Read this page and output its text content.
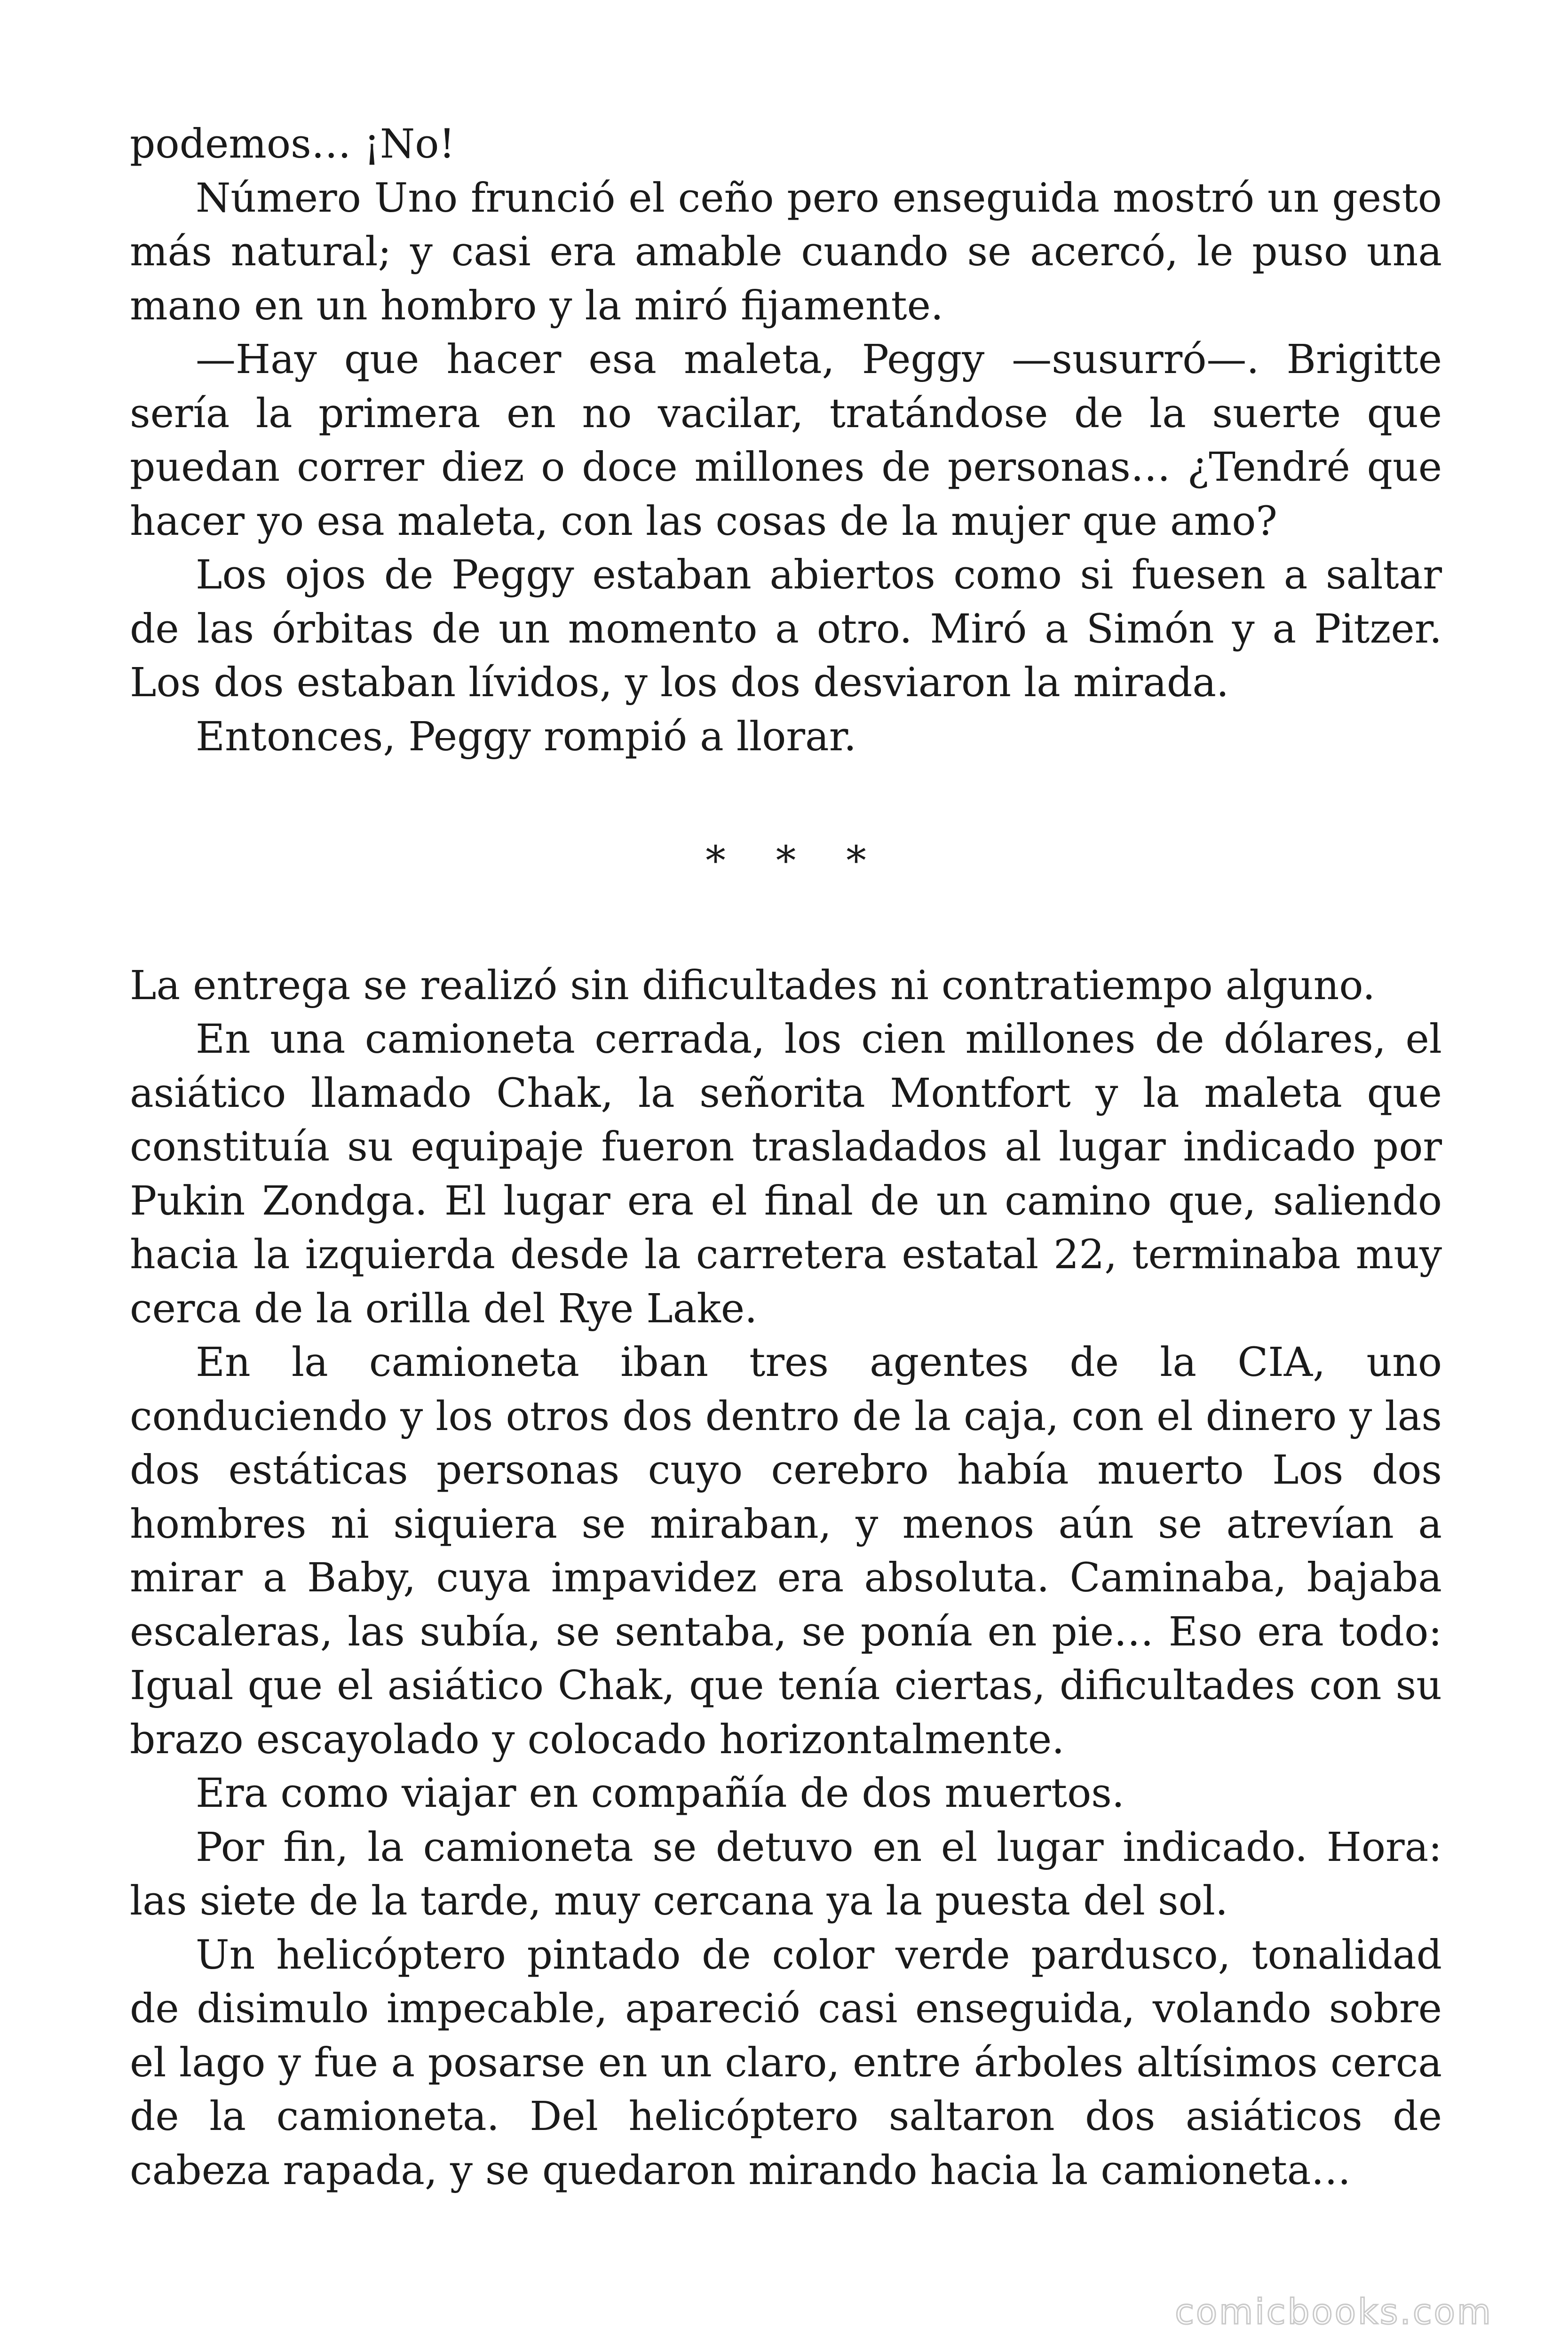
podemos… ¡No!

Número Uno frunció el ceño pero enseguida mostró un gesto más natural; y casi era amable cuando se acercó, le puso una mano en un hombro y la miró fijamente.

—Hay que hacer esa maleta, Peggy —susurró—. Brigitte sería la primera en no vacilar, tratándose de la suerte que puedan correr diez o doce millones de personas… ¿Tendré que hacer yo esa maleta, con las cosas de la mujer que amo?

Los ojos de Peggy estaban abiertos como si fuesen a saltar de las órbitas de un momento a otro. Miró a Simón y a Pitzer. Los dos estaban lívidos, y los dos desviaron la mirada.

Entonces, Peggy rompió a llorar.

* * *

La entrega se realizó sin dificultades ni contratiempo alguno.

En una camioneta cerrada, los cien millones de dólares, el asiático llamado Chak, la señorita Montfort y la maleta que constituía su equipaje fueron trasladados al lugar indicado por Pukin Zondga. El lugar era el final de un camino que, saliendo hacia la izquierda desde la carretera estatal 22, terminaba muy cerca de la orilla del Rye Lake.

En la camioneta iban tres agentes de la CIA, uno conduciendo y los otros dos dentro de la caja, con el dinero y las dos estáticas personas cuyo cerebro había muerto Los dos hombres ni siquiera se miraban, y menos aún se atrevían a mirar a Baby, cuya impavidez era absoluta. Caminaba, bajaba escaleras, las subía, se sentaba, se ponía en pie… Eso era todo: Igual que el asiático Chak, que tenía ciertas, dificultades con su brazo escayolado y colocado horizontalmente.

Era como viajar en compañía de dos muertos.

Por fin, la camioneta se detuvo en el lugar indicado. Hora: las siete de la tarde, muy cercana ya la puesta del sol.

Un helicóptero pintado de color verde pardusco, tonalidad de disimulo impecable, apareció casi enseguida, volando sobre el lago y fue a posarse en un claro, entre árboles altísimos cerca de la camioneta. Del helicóptero saltaron dos asiáticos de cabeza rapada, y se quedaron mirando hacia la camioneta…

comicbooks.com
